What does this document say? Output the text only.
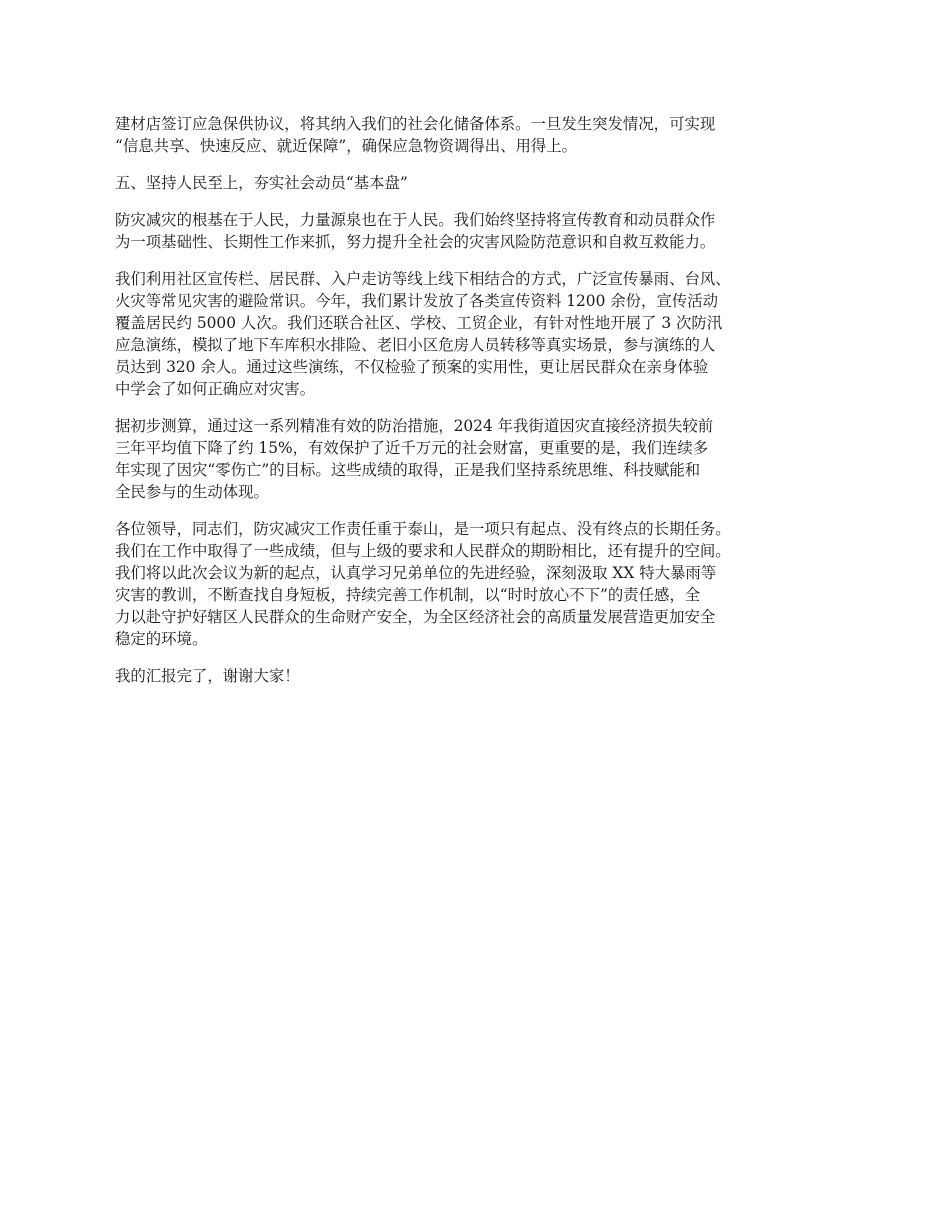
建材店签订应急保供协议，将其纳入我们的社会化储备体系。一旦发生突发情况，可实现
“信息共享、快速反应、就近保障”，确保应急物资调得出、用得上。

五、坚持人民至上，夯实社会动员“基本盘”

防灾减灾的根基在于人民，力量源泉也在于人民。我们始终坚持将宣传教育和动员群众作
为一项基础性、长期性工作来抓，努力提升全社会的灾害风险防范意识和自救互救能力。

我们利用社区宣传栏、居民群、入户走访等线上线下相结合的方式，广泛宣传暴雨、台风、
火灾等常见灾害的避险常识。今年，我们累计发放了各类宣传资料 1200 余份，宣传活动
覆盖居民约 5000 人次。我们还联合社区、学校、工贸企业，有针对性地开展了 3 次防汛
应急演练，模拟了地下车库积水排险、老旧小区危房人员转移等真实场景，参与演练的人
员达到 320 余人。通过这些演练，不仅检验了预案的实用性，更让居民群众在亲身体验
中学会了如何正确应对灾害。

据初步测算，通过这一系列精准有效的防治措施，2024 年我街道因灾直接经济损失较前
三年平均值下降了约 15%，有效保护了近千万元的社会财富，更重要的是，我们连续多
年实现了因灾“零伤亡”的目标。这些成绩的取得，正是我们坚持系统思维、科技赋能和
全民参与的生动体现。

各位领导，同志们，防灾减灾工作责任重于泰山，是一项只有起点、没有终点的长期任务。
我们在工作中取得了一些成绩，但与上级的要求和人民群众的期盼相比，还有提升的空间。
我们将以此次会议为新的起点，认真学习兄弟单位的先进经验，深刻汲取 XX 特大暴雨等
灾害的教训，不断查找自身短板，持续完善工作机制，以“时时放心不下”的责任感，全
力以赴守护好辖区人民群众的生命财产安全，为全区经济社会的高质量发展营造更加安全
稳定的环境。

我的汇报完了，谢谢大家！
